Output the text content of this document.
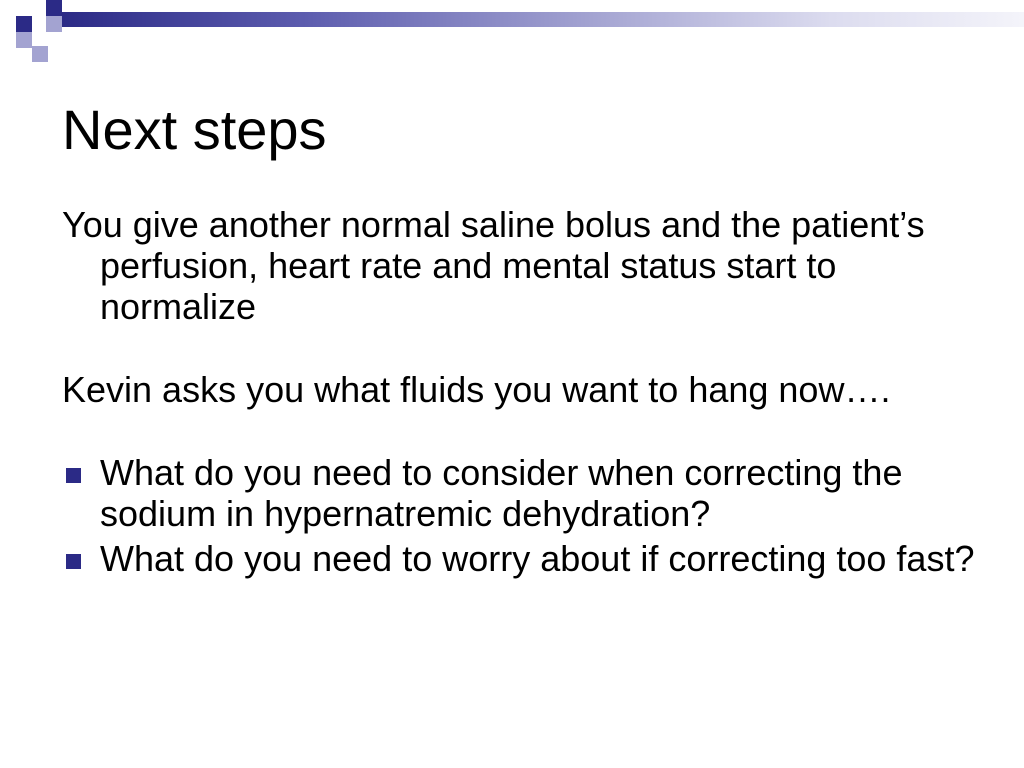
Next steps

You give another normal saline bolus and the patient’s perfusion, heart rate and mental status start to normalize

Kevin asks you what fluids you want to hang now….

What do you need to consider when correcting the sodium in hypernatremic dehydration?
What do you need to worry about if correcting too fast?
